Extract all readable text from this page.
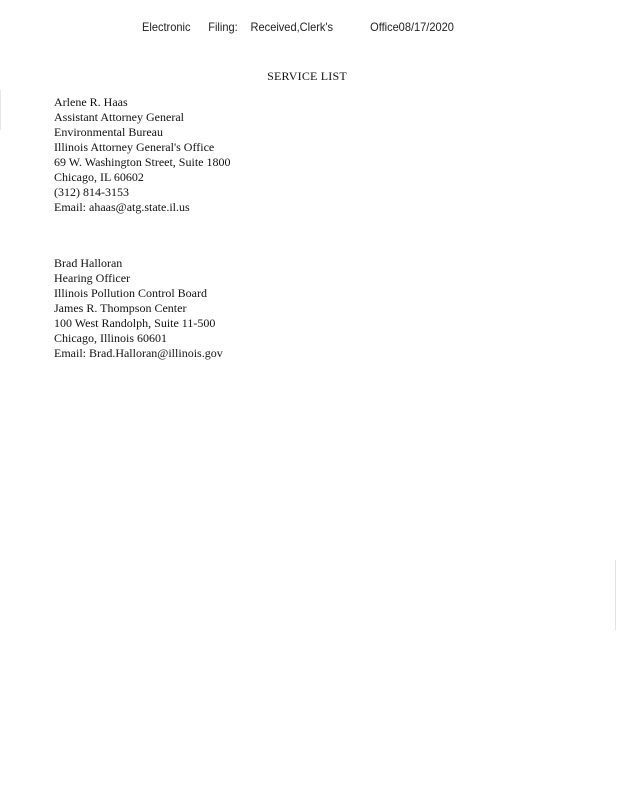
Electronic Filing: Received,Clerk's	Office 08/17/2020
SERVICE LIST
Arlene R. Haas
Assistant Attorney General
Environmental Bureau
Illinois Attorney General's Office
69 W. Washington Street, Suite 1800
Chicago, IL 60602
(312) 814-3153
Email: ahaas@atg.state.il.us
Brad Halloran
Hearing Officer
Illinois Pollution Control Board
James R. Thompson Center
100 West Randolph, Suite 11-500
Chicago, Illinois 60601
Email: Brad.Halloran@illinois.gov
